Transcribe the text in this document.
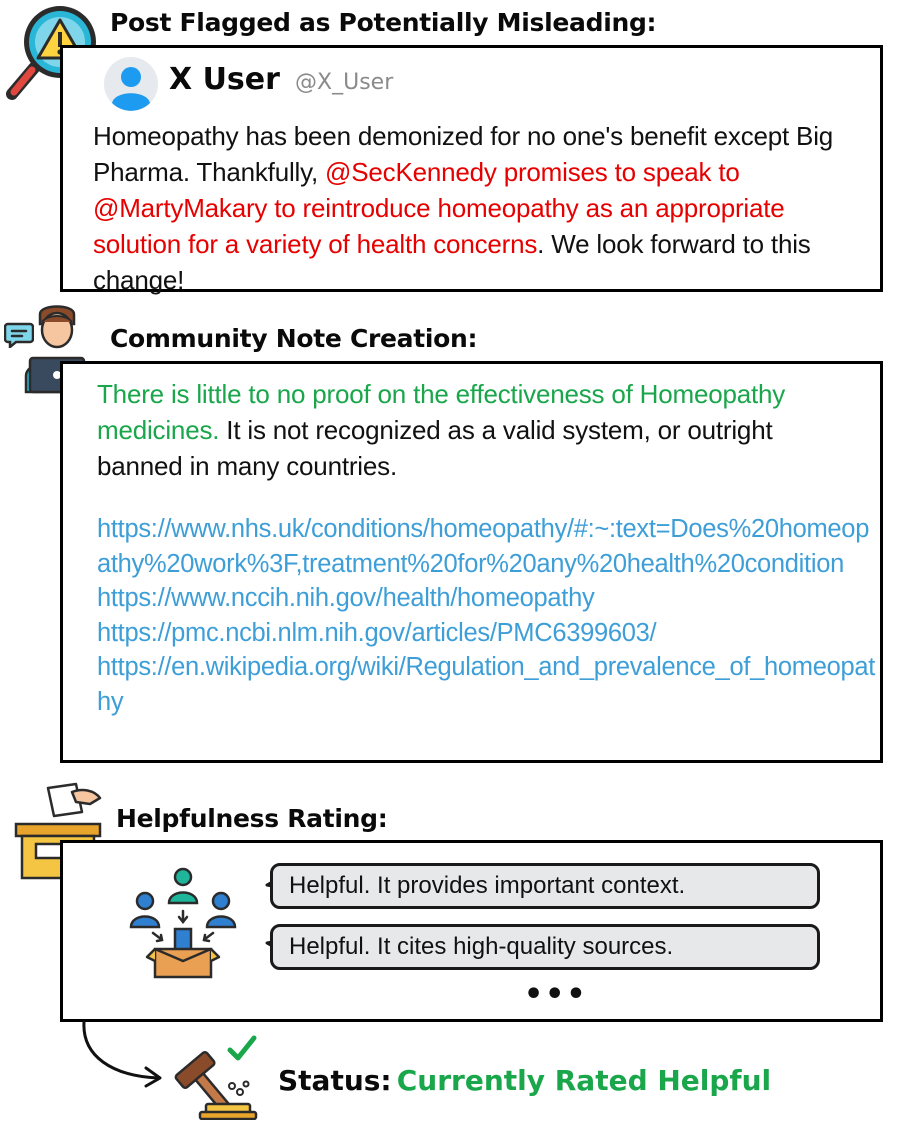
Post Flagged as Potentially Misleading:
X User @X_User
Homeopathy has been demonized for no one's benefit except Big Pharma. Thankfully, @SecKennedy promises to speak to @MartyMakary to reintroduce homeopathy as an appropriate solution for a variety of health concerns. We look forward to this change!
Community Note Creation:
There is little to no proof on the effectiveness of Homeopathy medicines. It is not recognized as a valid system, or outright banned in many countries.
https://www.nhs.uk/conditions/homeopathy/#:~:text=Does%20homeopathy%20work%3F,treatment%20for%20any%20health%20condition
https://www.nccih.nih.gov/health/homeopathy
https://pmc.ncbi.nlm.nih.gov/articles/PMC6399603/
https://en.wikipedia.org/wiki/Regulation_and_prevalence_of_homeopathy
Helpfulness Rating:
Helpful. It provides important context.
Helpful. It cites high-quality sources.
•••
Status: Currently Rated Helpful
